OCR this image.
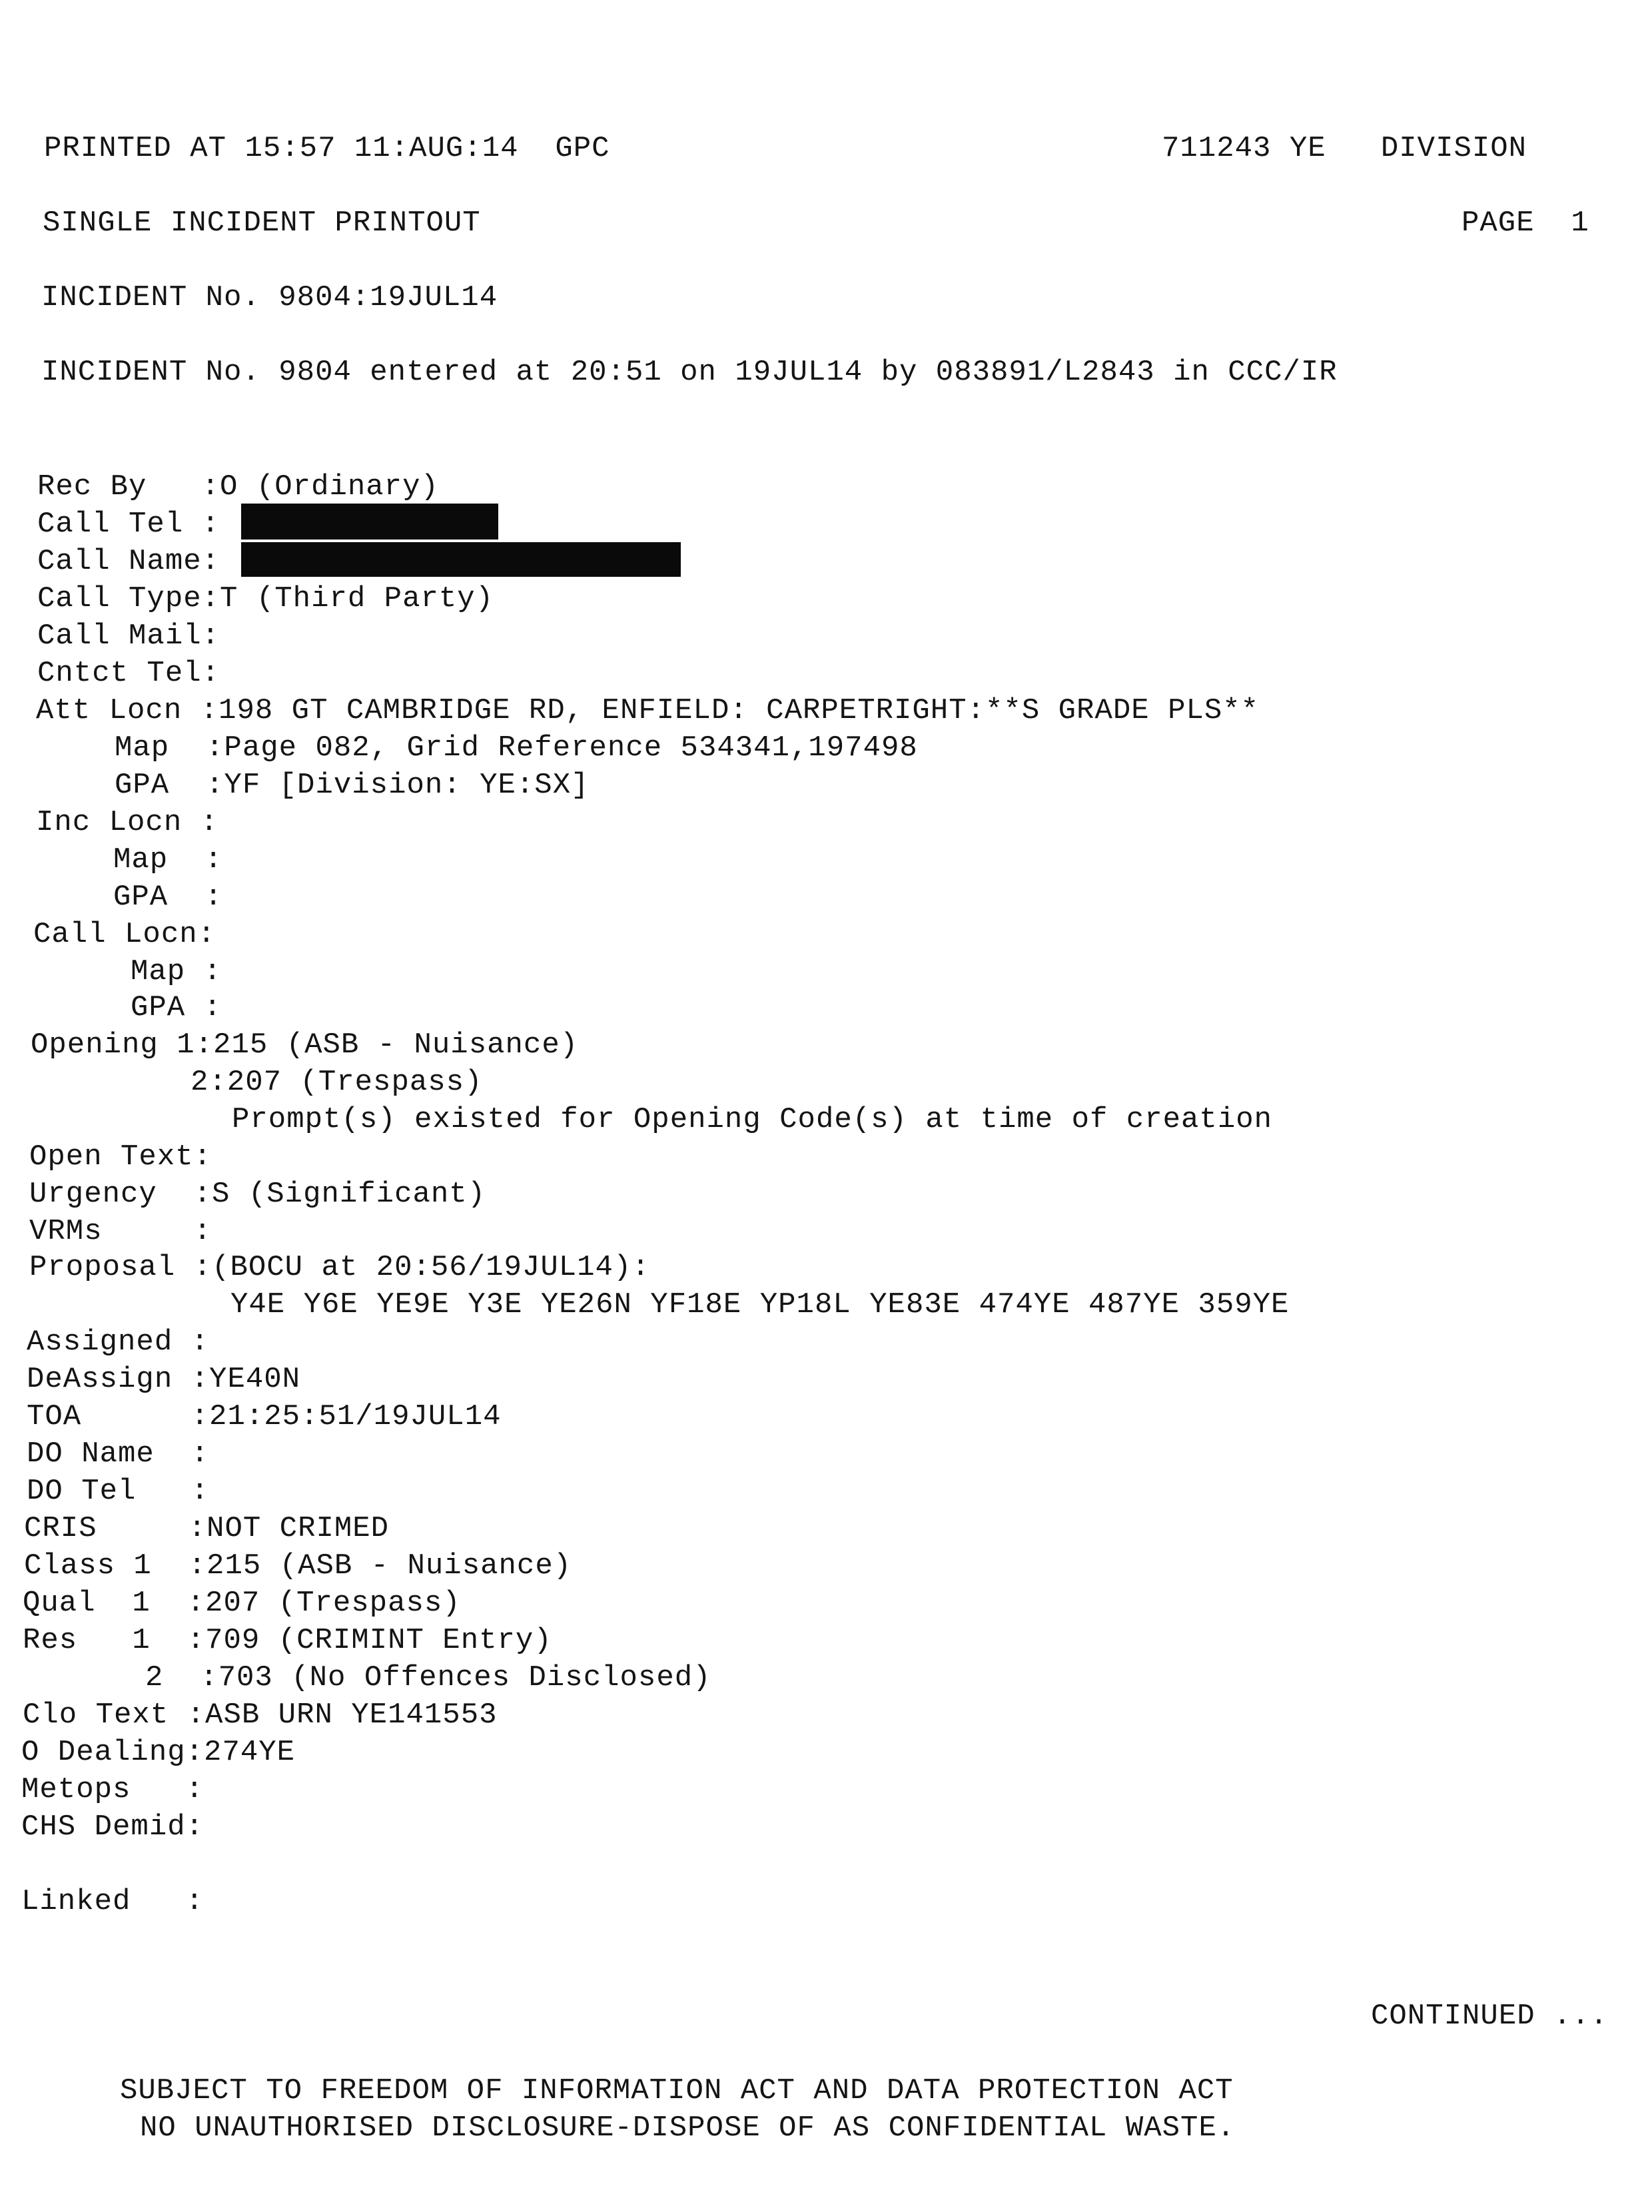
PRINTED AT 15:57 11:AUG:14  GPC	711243 YE   DIVISION

SINGLE INCIDENT PRINTOUT	PAGE  1

INCIDENT No. 9804:19JUL14

INCIDENT No. 9804 entered at 20:51 on 19JUL14 by 083891/L2843 in CCC/IR

Rec By   :O (Ordinary)

Call Tel :

Call Name:

Call Type:T (Third Party)

Call Mail:

Cntct Tel:

Att Locn :198 GT CAMBRIDGE RD, ENFIELD: CARPETRIGHT:**S GRADE PLS**

Map  :Page 082, Grid Reference 534341,197498

GPA  :YF [Division: YE:SX]

Inc Locn :

Map  :

GPA  :

Call Locn:

Map :

GPA :

Opening 1:215 (ASB - Nuisance)

2:207 (Trespass)

Prompt(s) existed for Opening Code(s) at time of creation

Open Text:

Urgency  :S (Significant)

VRMs     :

Proposal :(BOCU at 20:56/19JUL14):

Y4E Y6E YE9E Y3E YE26N YF18E YP18L YE83E 474YE 487YE 359YE

Assigned :

DeAssign :YE40N

TOA      :21:25:51/19JUL14

DO Name  :

DO Tel   :

CRIS     :NOT CRIMED

Class 1  :215 (ASB - Nuisance)

Qual  1  :207 (Trespass)

Res   1  :709 (CRIMINT Entry)

2  :703 (No Offences Disclosed)

Clo Text :ASB URN YE141553

O Dealing:274YE

Metops   :

CHS Demid:

Linked   :

CONTINUED ...

SUBJECT TO FREEDOM OF INFORMATION ACT AND DATA PROTECTION ACT

NO UNAUTHORISED DISCLOSURE-DISPOSE OF AS CONFIDENTIAL WASTE.
